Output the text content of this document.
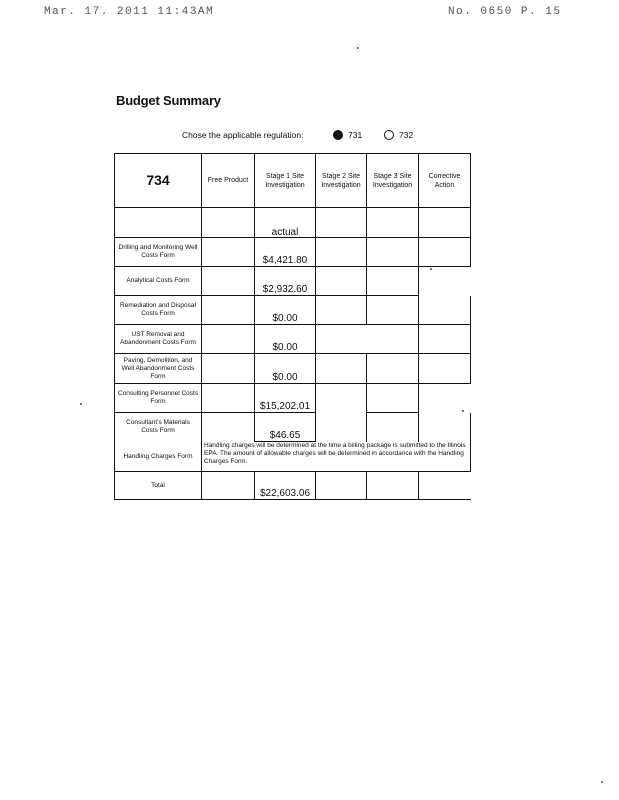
Mar. 17. 2011 11:43AM	No. 0650 P. 15
Budget Summary
Chose the applicable regulation:	731	732
734	Free Product	Stage 1 Site Investigation	Stage 2 Site Investigation	Stage 3 Site Investigation	Corrective Action
		actual			
Drilling and Monitoring Well Costs Form		$4,421.80			
Analytical Costs Form		$2,932.60			
Remediation and Disposal Costs Form		$0.00			
UST Removal and Abandonment Costs Form		$0.00			
Paving, Demolition, and Well Abandonment Costs Form		$0.00			
Consulting Personnel Costs Form		$15,202.01			
Consultant's Materials Costs Form		$46.65			
Handling Charges Form	Handling charges will be determined at the time a billing package is submitted to the Illinois EPA. The amount of allowable charges will be determined in accordance with the Handling Charges Form.				
Total		$22,603.06			
